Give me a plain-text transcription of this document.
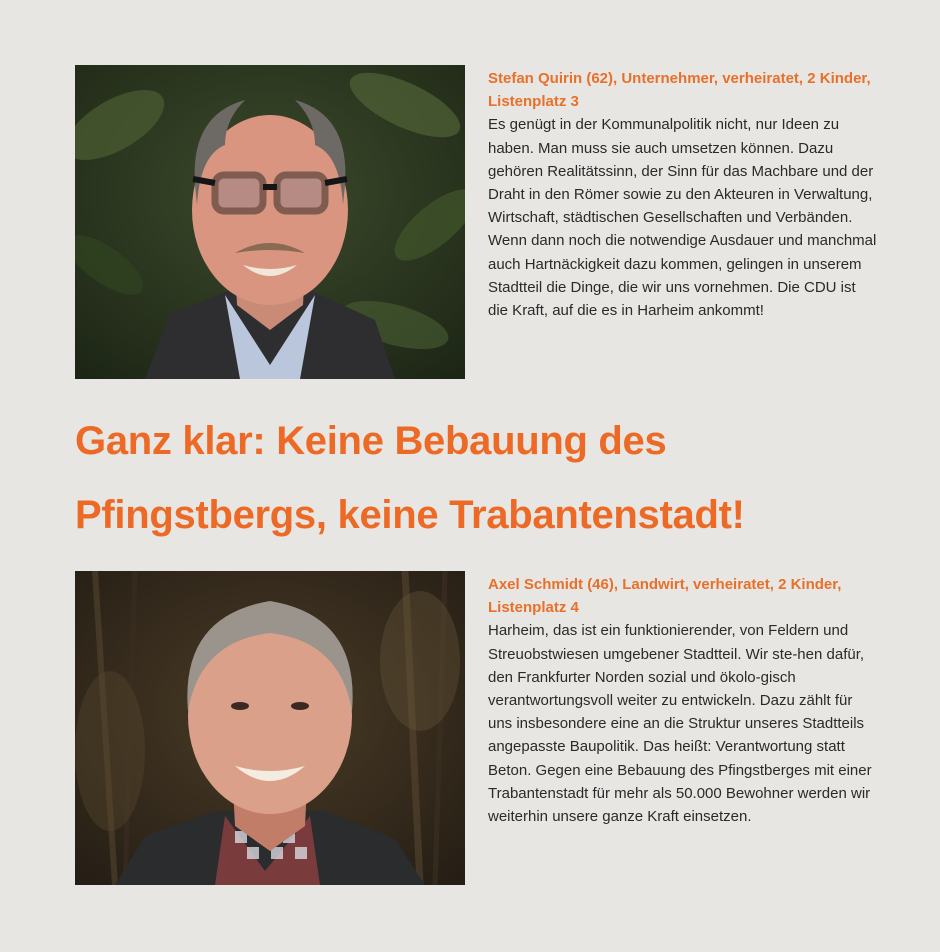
Stefan Quirin (62), Unternehmer, verheiratet, 2 Kinder, Listenplatz 3
Es genügt in der Kommunalpolitik nicht, nur Ideen zu haben. Man muss sie auch umsetzen können. Dazu gehören Realitätssinn, der Sinn für das Machbare und der Draht in den Römer sowie zu den Akteuren in Verwaltung, Wirtschaft, städtischen Gesellschaften und Verbänden. Wenn dann noch die notwendige Ausdauer und manchmal auch Hartnäckigkeit dazu kommen, gelingen in unserem Stadtteil die Dinge, die wir uns vornehmen. Die CDU ist die Kraft, auf die es in Harheim ankommt!
Ganz klar: Keine Bebauung des
Pfingstbergs, keine Trabantenstadt!
Axel Schmidt (46), Landwirt, verheiratet, 2 Kinder, Listenplatz 4
Harheim, das ist ein funktionierender, von Feldern und Streuobstwiesen umgebener Stadtteil. Wir ste-hen dafür, den Frankfurter Norden sozial und ökolo-gisch verantwortungsvoll weiter zu entwickeln. Dazu zählt für uns insbesondere eine an die Struktur unseres Stadtteils angepasste Baupolitik. Das heißt: Verantwortung statt Beton. Gegen eine Bebauung des Pfingstberges mit einer Trabantenstadt für mehr als 50.000 Bewohner werden wir weiterhin unsere ganze Kraft einsetzen.
